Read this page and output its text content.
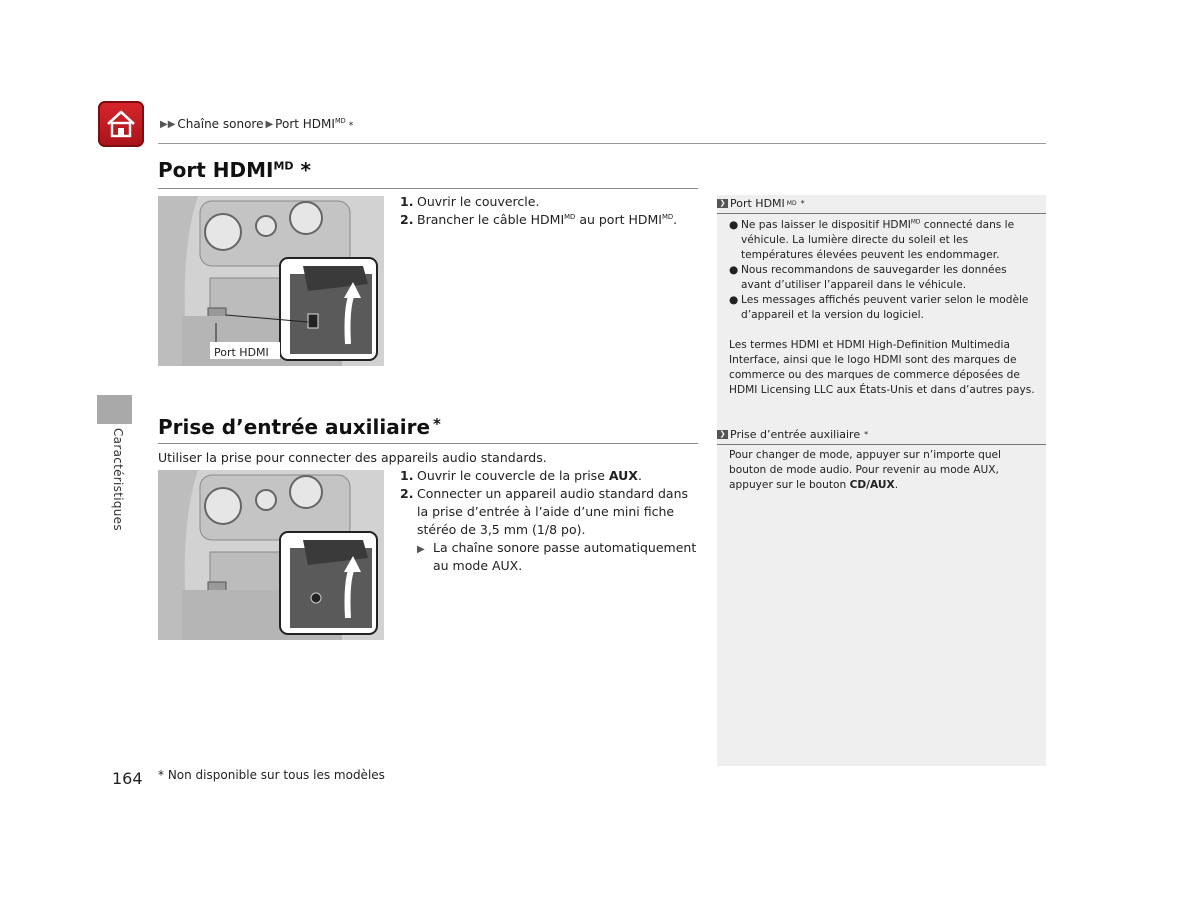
▶▶ Chaîne sonore ▶ Port $HDMI^{MD}$ *
Port $HDMI^{MD}$ *
Port HDMI
1. Ouvrir le couvercle.
2. Brancher le câble $HDMI^{MD}$ au port $HDMI^{MD}$.
Prise d’entrée auxiliaire *
Utiliser la prise pour connecter des appareils audio standards.
1. Ouvrir le couvercle de la prise AUX.
2. Connecter un appareil audio standard dans la prise d’entrée à l’aide d’une mini fiche stéréo de 3,5 mm (1/8 po).
▶ La chaîne sonore passe automatiquement au mode AUX.
❯ Port HDMI MD *
● Ne pas laisser le dispositif $HDMI^{MD}$ connecté dans le véhicule. La lumière directe du soleil et les températures élevées peuvent les endommager.
● Nous recommandons de sauvegarder les données avant d’utiliser l’appareil dans le véhicule.
● Les messages affichés peuvent varier selon le modèle d’appareil et la version du logiciel.
Les termes HDMI et HDMI High-Definition Multimedia Interface, ainsi que le logo HDMI sont des marques de commerce ou des marques de commerce déposées de HDMI Licensing LLC aux États-Unis et dans d’autres pays.
❯ Prise d’entrée auxiliaire *
Pour changer de mode, appuyer sur n’importe quel bouton de mode audio. Pour revenir au mode AUX, appuyer sur le bouton CD/AUX.
Caractéristiques
164 * Non disponible sur tous les modèles
